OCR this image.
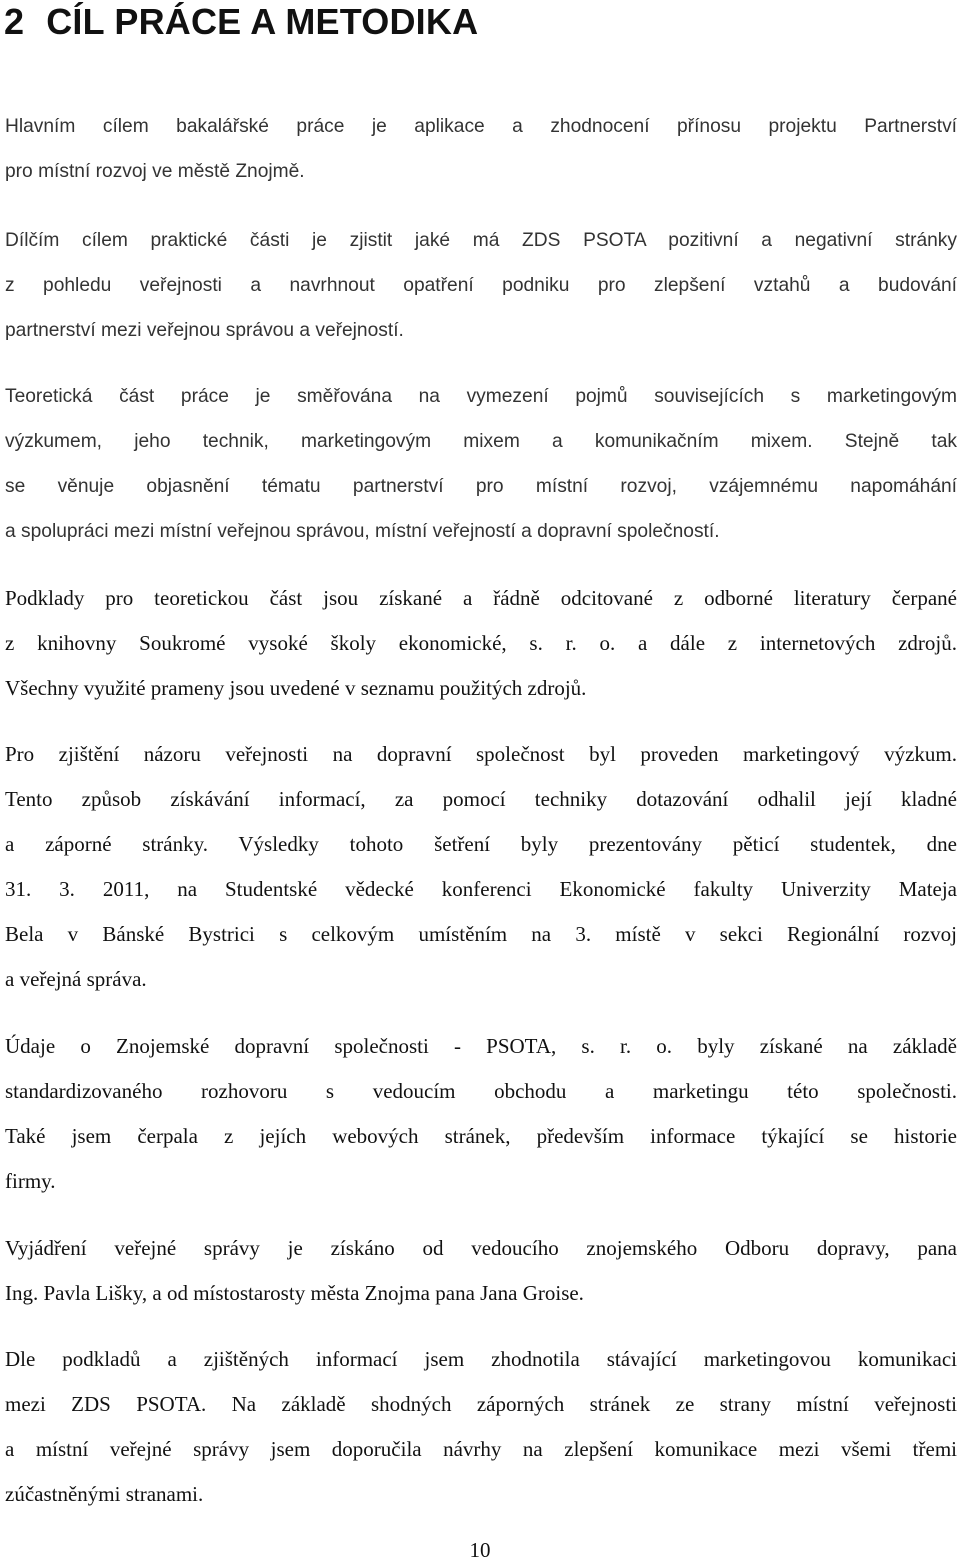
2 CÍL PRÁCE A METODIKA
Hlavním cílem bakalářské práce je aplikace a zhodnocení přínosu projektu Partnerství
pro místní rozvoj ve městě Znojmě.
Dílčím cílem praktické části je zjistit jaké má ZDS PSOTA pozitivní a negativní stránky
z pohledu veřejnosti a navrhnout opatření podniku pro zlepšení vztahů a budování
partnerství mezi veřejnou správou a veřejností.
Teoretická část práce je směřována na vymezení pojmů souvisejících s marketingovým
výzkumem, jeho technik, marketingovým mixem a komunikačním mixem. Stejně tak
se věnuje objasnění tématu partnerství pro místní rozvoj, vzájemnému napomáhání
a spolupráci mezi místní veřejnou správou, místní veřejností a dopravní společností.
Podklady pro teoretickou část jsou získané a řádně odcitované z odborné literatury čerpané
z knihovny Soukromé vysoké školy ekonomické, s. r. o. a dále z internetových zdrojů.
Všechny využité prameny jsou uvedené v seznamu použitých zdrojů.
Pro zjištění názoru veřejnosti na dopravní společnost byl proveden marketingový výzkum.
Tento způsob získávání informací, za pomocí techniky dotazování odhalil její kladné
a záporné stránky. Výsledky tohoto šetření byly prezentovány pěticí studentek, dne
31. 3. 2011, na Studentské vědecké konferenci Ekonomické fakulty Univerzity Mateja
Bela v Bánské Bystrici s celkovým umístěním na 3. místě v sekci Regionální rozvoj
a veřejná správa.
Údaje o Znojemské dopravní společnosti - PSOTA, s. r. o. byly získané na základě
standardizovaného rozhovoru s vedoucím obchodu a marketingu této společnosti.
Také jsem čerpala z jejích webových stránek, především informace týkající se historie
firmy.
Vyjádření veřejné správy je získáno od vedoucího znojemského Odboru dopravy, pana
Ing. Pavla Lišky, a od místostarosty města Znojma pana Jana Groise.
Dle podkladů a zjištěných informací jsem zhodnotila stávající marketingovou komunikaci
mezi ZDS PSOTA. Na základě shodných záporných stránek ze strany místní veřejnosti
a místní veřejné správy jsem doporučila návrhy na zlepšení komunikace mezi všemi třemi
zúčastněnými stranami.
10
